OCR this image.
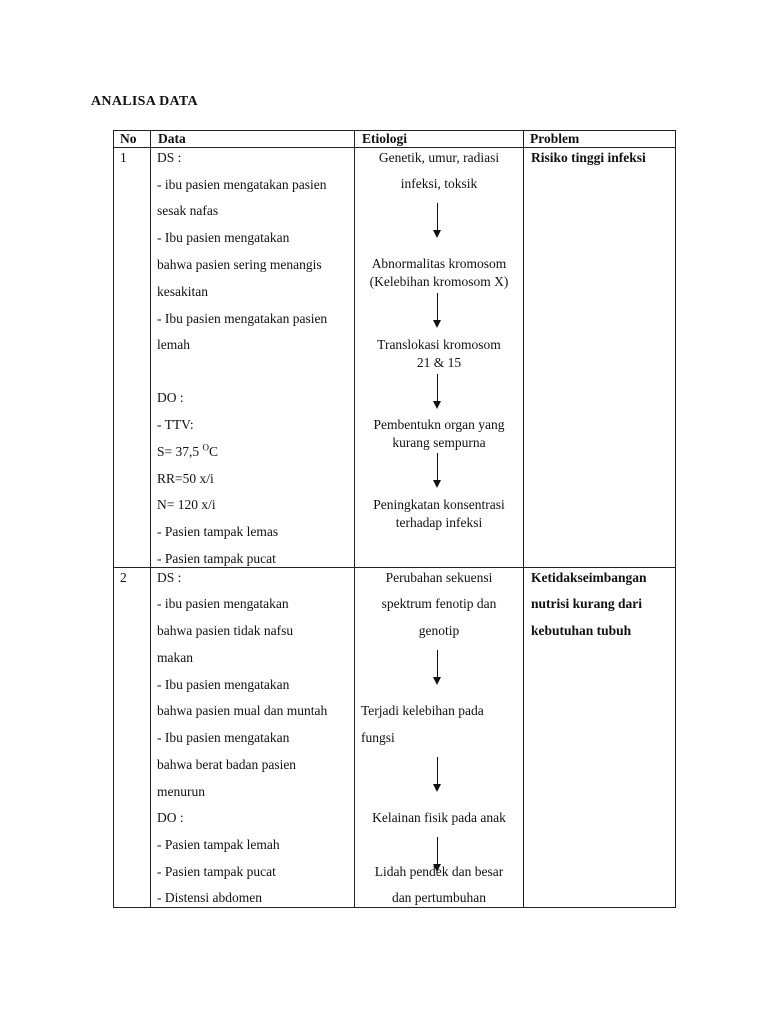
ANALISA DATA
No Data	Etiologi	Problem
1 DS :
- ibu pasien mengatakan pasien
sesak nafas
- Ibu pasien mengatakan
bahwa pasien sering menangis
kesakitan
- Ibu pasien mengatakan pasien
lemah
DO :
- TTV:
S= 37,5 $^O$C
RR=50 x/i
N= 120 x/i
- Pasien tampak lemas
- Pasien tampak pucat
Genetik, umur, radiasi
infeksi, toksik
Abnormalitas kromosom
(Kelebihan kromosom X)
Translokasi kromosom
21 & 15
Pembentukn organ yang
kurang sempurna
Peningkatan konsentrasi
terhadap infeksi
Risiko tinggi infeksi
2 DS :
- ibu pasien mengatakan
bahwa pasien tidak nafsu
makan
- Ibu pasien mengatakan
bahwa pasien mual dan muntah
- Ibu pasien mengatakan
bahwa berat badan pasien
menurun
DO :
- Pasien tampak lemah
- Pasien tampak pucat
- Distensi abdomen
Perubahan sekuensi
spektrum fenotip dan
genotip
Terjadi kelebihan pada
fungsi
Kelainan fisik pada anak
Lidah pendek dan besar
dan pertumbuhan
Ketidakseimbangan
nutrisi kurang dari
kebutuhan tubuh
